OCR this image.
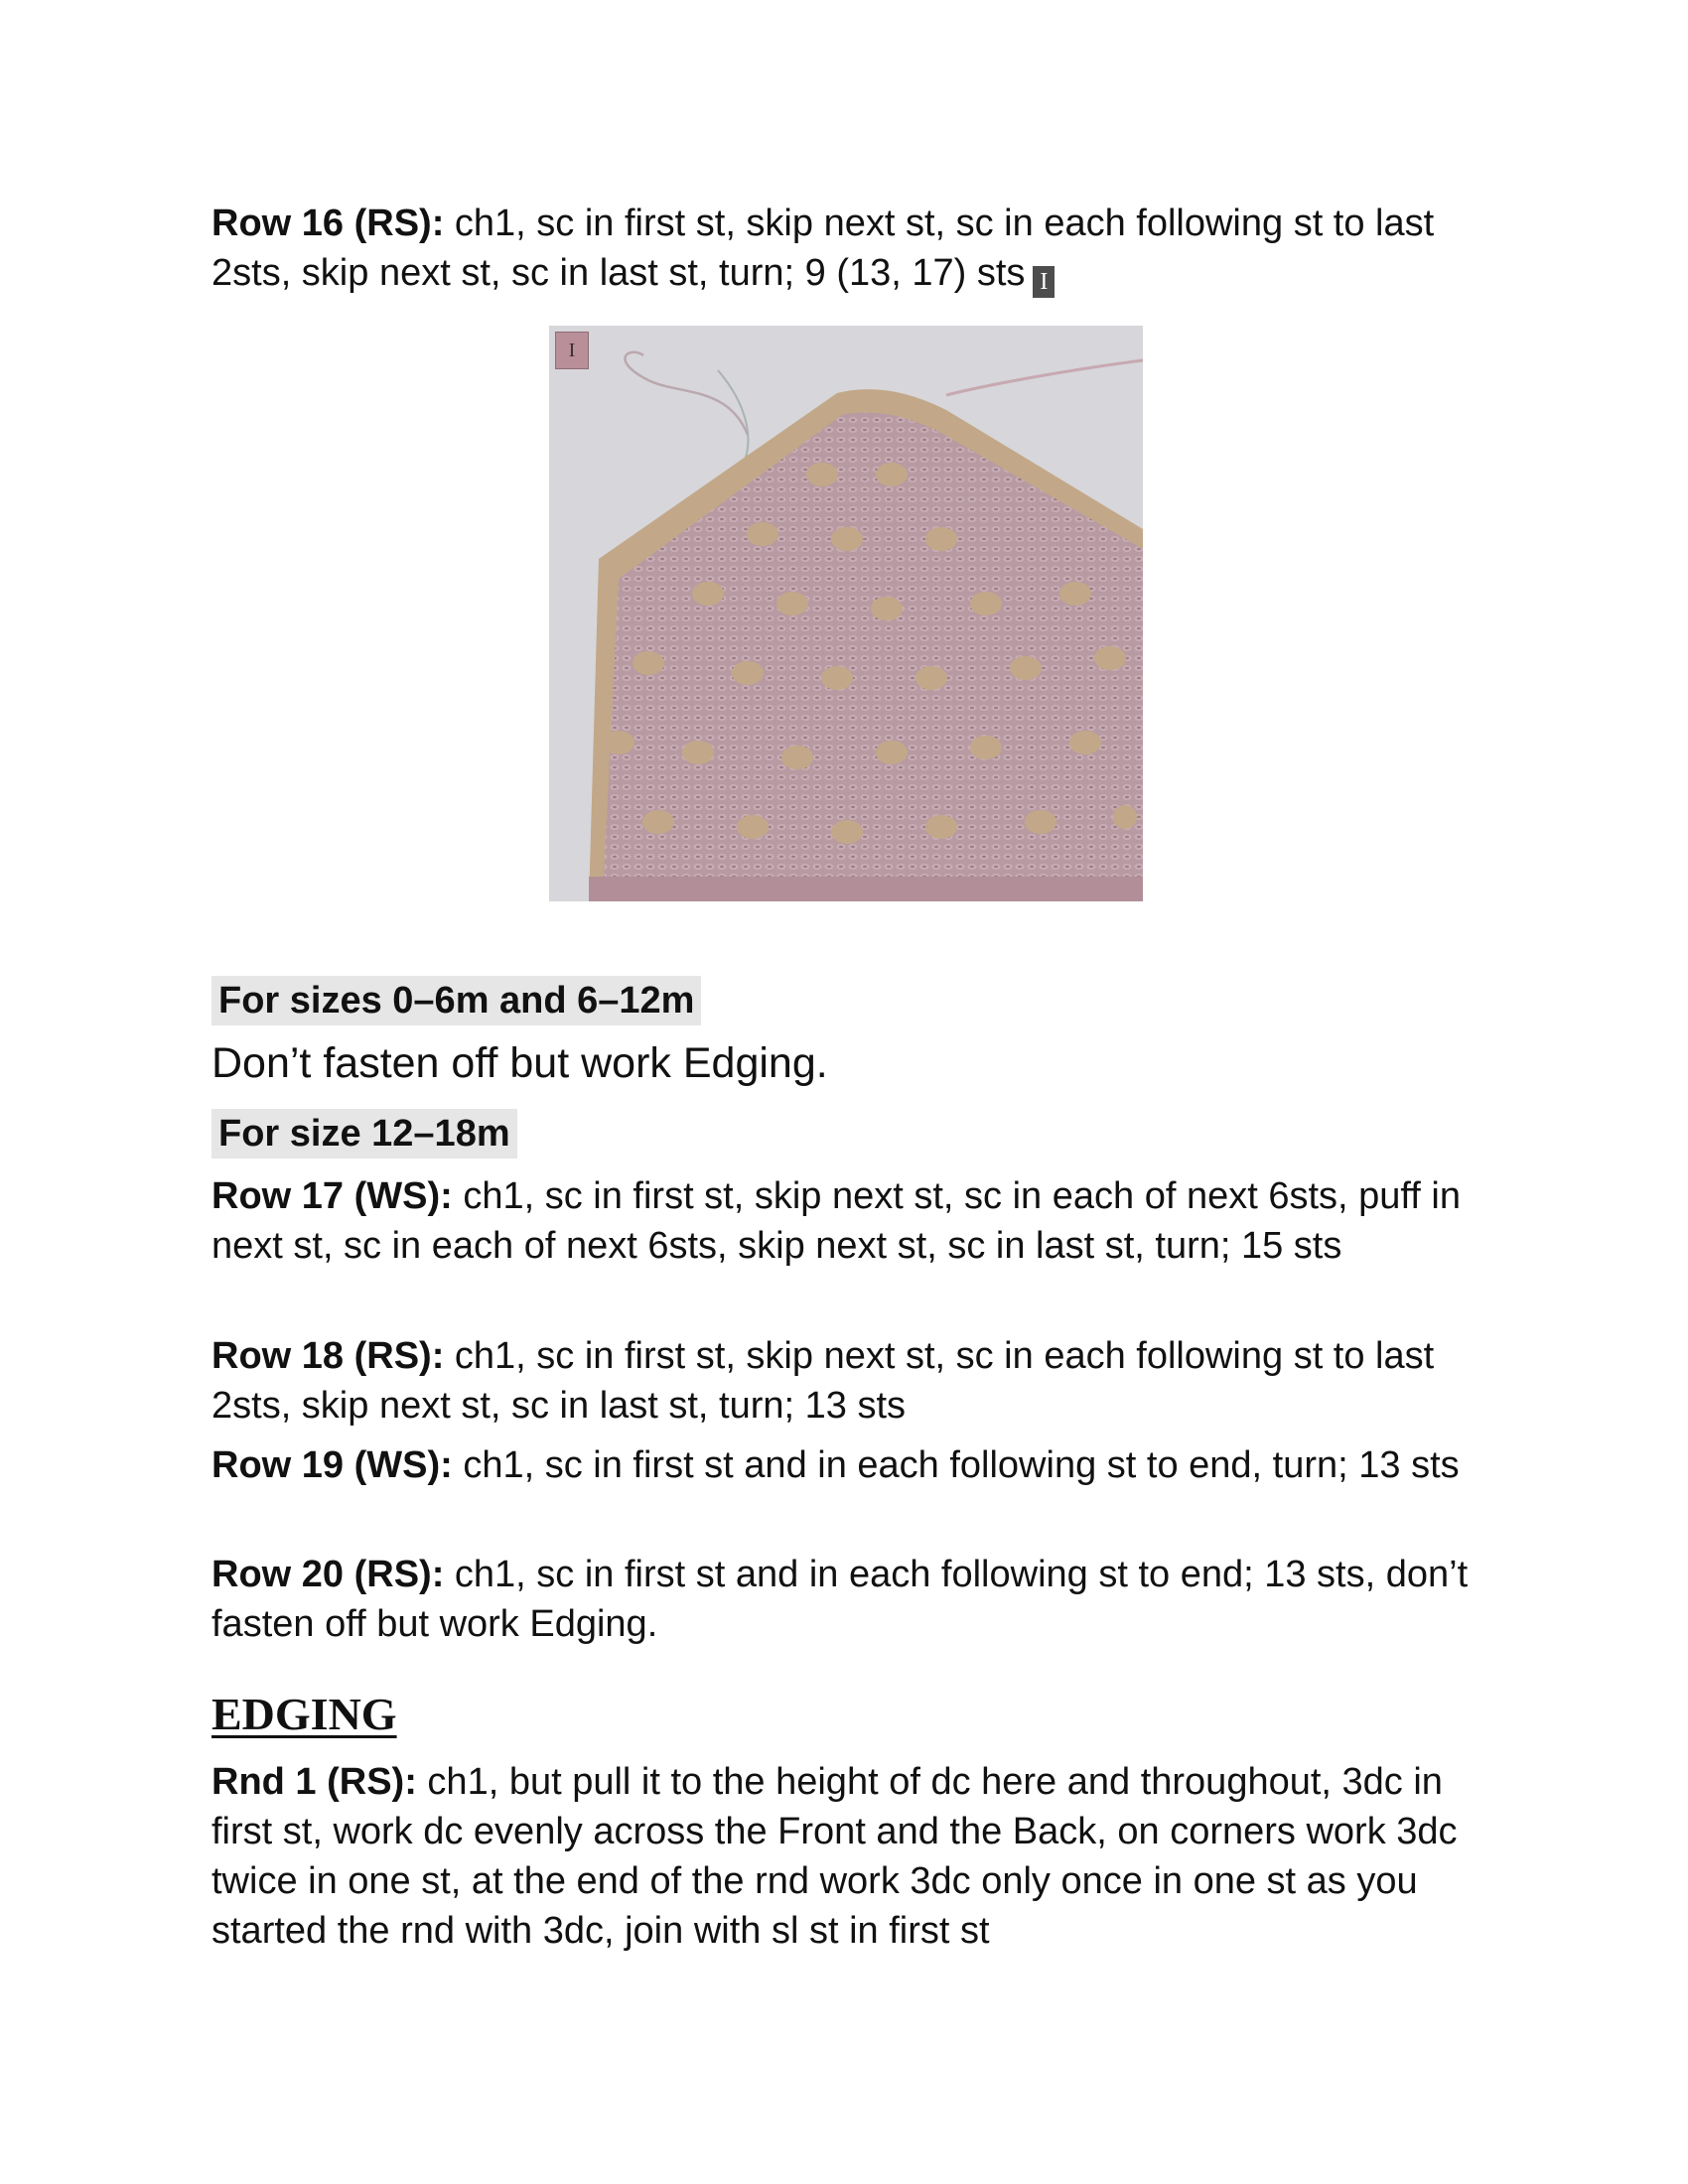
Row 16 (RS): ch1, sc in first st, skip next st, sc in each following st to last 2sts, skip next st, sc in last st, turn; 9 (13, 17) sts I

I

For sizes 0–6m and 6–12m

Don’t fasten off but work Edging.

For size 12–18m

Row 17 (WS): ch1, sc in first st, skip next st, sc in each of next 6sts, puff in next st, sc in each of next 6sts, skip next st, sc in last st, turn; 15 sts

Row 18 (RS): ch1, sc in first st, skip next st, sc in each following st to last 2sts, skip next st, sc in last st, turn; 13 sts

Row 19 (WS): ch1, sc in first st and in each following st to end, turn; 13 sts

Row 20 (RS): ch1, sc in first st and in each following st to end; 13 sts, don’t fasten off but work Edging.

EDGING

Rnd 1 (RS): ch1, but pull it to the height of dc here and throughout, 3dc in first st, work dc evenly across the Front and the Back, on corners work 3dc twice in one st, at the end of the rnd work 3dc only once in one st as you started the rnd with 3dc, join with sl st in first st
